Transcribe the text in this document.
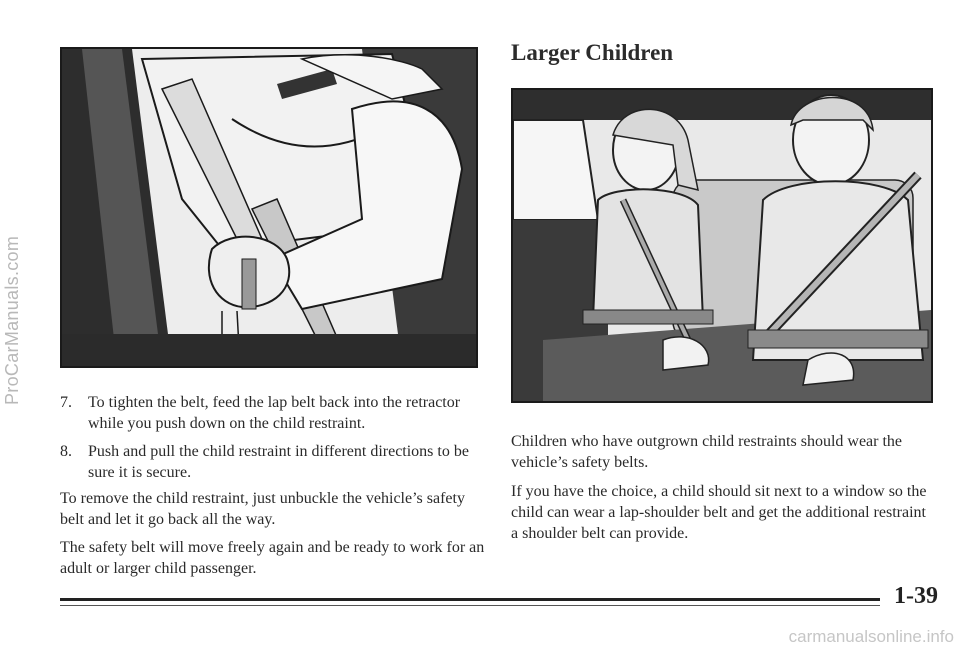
ProCarManuals.com
Larger Children
7.	To tighten the belt, feed the lap belt back into the retractor while you push down on the child restraint.
8.	Push and pull the child restraint in different directions to be sure it is secure.

To remove the child restraint, just unbuckle the vehicle’s safety belt and let it go back all the way.

The safety belt will move freely again and be ready to work for an adult or larger child passenger.

Children who have outgrown child restraints should wear the vehicle’s safety belts.

If you have the choice, a child should sit next to a window so the child can wear a lap-shoulder belt and get the additional restraint a shoulder belt can provide.

1-39
carmanualsonline.info
